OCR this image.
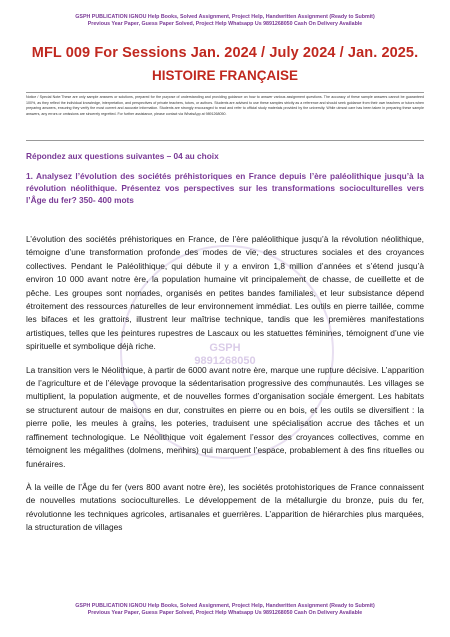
GSPH PUBLICATION IGNOU Help Books, Solved Assignment, Project Help, Handwritten Assignment (Ready to Submit)
Previous Year Paper, Guess Paper Solved, Project Help Whatsapp Us 9891268050 Cash On Delivery Available
MFL 009 For Sessions Jan. 2024 / July 2024 / Jan. 2025.
HISTOIRE FRANÇAISE
Notice / Special Note:These are only sample answers or solutions, prepared for the purpose of understanding and providing guidance on how to answer various assignment questions. The accuracy of these sample answers cannot be guaranteed 100%, as they reflect the individual knowledge, interpretation, and perspectives of private teachers, tutors, or authors. Students are advised to use these samples strictly as a reference and should seek guidance from their own teachers or tutors when preparing answers, ensuring they verify the most current and accurate information. Students are strongly encouraged to read and refer to official study materials provided by the university. While utmost care has been taken in preparing these sample answers, any errors or omissions are sincerely regretted. For further assistance, please contact via WhatsApp at 9891268050.
Répondez aux questions suivantes – 04 au choix
1. Analysez l’évolution des sociétés préhistoriques en France depuis l’ère paléolithique jusqu’à la révolution néolithique. Présentez vos perspectives sur les transformations socioculturelles vers l’Âge du fer? 350- 400 mots
GSPH
9891268050

L’évolution des sociétés préhistoriques en France, de l’ère paléolithique jusqu’à la révolution néolithique, témoigne d’une transformation profonde des modes de vie, des structures sociales et des croyances collectives. Pendant le Paléolithique, qui débute il y a environ 1,8 million d’années et s’étend jusqu’à environ 10 000 avant notre ère, la population humaine vit principalement de chasse, de cueillette et de pêche. Les groupes sont nomades, organisés en petites bandes familiales, et leur subsistance dépend étroitement des ressources naturelles de leur environnement immédiat. Les outils en pierre taillée, comme les bifaces et les grattoirs, illustrent leur maîtrise technique, tandis que les premières manifestations artistiques, telles que les peintures rupestres de Lascaux ou les statuettes féminines, témoignent d’une vie spirituelle et symbolique déjà riche.

La transition vers le Néolithique, à partir de 6000 avant notre ère, marque une rupture décisive. L’apparition de l’agriculture et de l’élevage provoque la sédentarisation progressive des communautés. Les villages se multiplient, la population augmente, et de nouvelles formes d’organisation sociale émergent. Les habitats se structurent autour de maisons en dur, construites en pierre ou en bois, et les outils se diversifient : la pierre polie, les meules à grains, les poteries, traduisent une spécialisation accrue des tâches et un raffinement technologique. Le Néolithique voit également l’essor des croyances collectives, comme en témoignent les mégalithes (dolmens, menhirs) qui marquent l’espace, probablement à des fins rituelles ou funéraires.

À la veille de l’Âge du fer (vers 800 avant notre ère), les sociétés protohistoriques de France connaissent de nouvelles mutations socioculturelles. Le développement de la métallurgie du bronze, puis du fer, révolutionne les techniques agricoles, artisanales et guerrières. L’apparition de hiérarchies plus marquées, la structuration de villages

GSPH PUBLICATION IGNOU Help Books, Solved Assignment, Project Help, Handwritten Assignment (Ready to Submit)
Previous Year Paper, Guess Paper Solved, Project Help Whatsapp Us 9891268050 Cash On Delivery Available
